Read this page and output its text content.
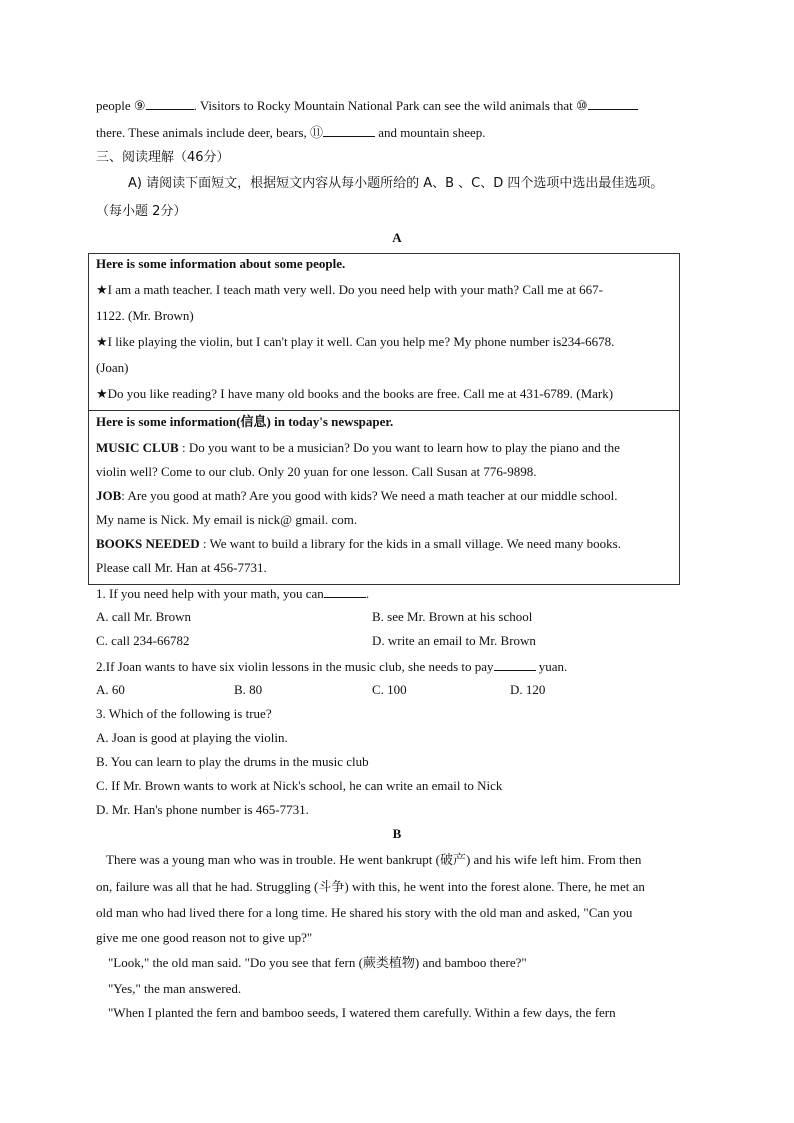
people ⑨	. Visitors to Rocky Mountain National Park can see the wild animals that ⑩
there. These animals include deer, bears, ⑪	and mountain sheep.
三、阅读理解（46分）
A) 请阅读下面短文，根据短文内容从每小题所给的 A、B 、C、D 四个选项中选出最佳选项。
（每小题 2分）
A
Here is some information about some people.
★I am a math teacher. I teach math very well. Do you need help with your math? Call me at 667-
1122. (Mr. Brown)
★I like playing the violin, but I can't play it well. Can you help me? My phone number is234-6678.
(Joan)
★Do you like reading? I have many old books and the books are free. Call me at 431-6789. (Mark)
Here is some information(信息) in today's newspaper.
MUSIC CLUB : Do you want to be a musician? Do you want to learn how to play the piano and the
violin well? Come to our club. Only 20 yuan for one lesson. Call Susan at 776-9898.
JOB: Are you good at math? Are you good with kids? We need a math teacher at our middle school.
My name is Nick. My email is nick@ gmail. com.
BOOKS NEEDED : We want to build a library for the kids in a small village. We need many books.
Please call Mr. Han at 456-7731.
1. If you need help with your math, you can	.
A. call Mr. Brown	B. see Mr. Brown at his school
C. call 234-66782	D. write an email to Mr. Brown
2.If Joan wants to have six violin lessons in the music club, she needs to pay	yuan.
A. 60	B. 80	C. 100	D. 120
3. Which of the following is true?
A. Joan is good at playing the violin.
B. You can learn to play the drums in the music club
C. If Mr. Brown wants to work at Nick's school, he can write an email to Nick
D. Mr. Han's phone number is 465-7731.
B
There was a young man who was in trouble. He went bankrupt (破产) and his wife left him. From then
on, failure was all that he had. Struggling (斗争) with this, he went into the forest alone. There, he met an
old man who had lived there for a long time. He shared his story with the old man and asked, "Can you
give me one good reason not to give up?"
"Look," the old man said. "Do you see that fern (蕨类植物) and bamboo there?"
"Yes," the man answered.
"When I planted the fern and bamboo seeds, I watered them carefully. Within a few days, the fern
